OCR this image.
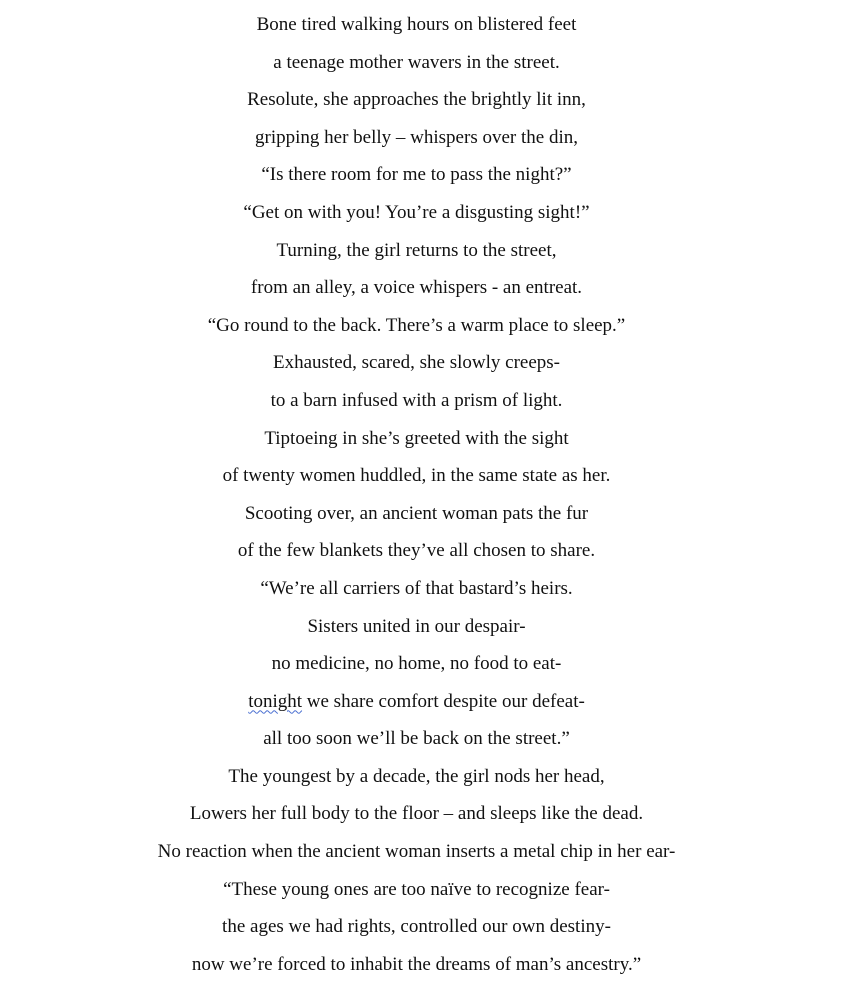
Bone tired walking hours on blistered feet
a teenage mother wavers in the street.
Resolute, she approaches the brightly lit inn,
gripping her belly – whispers over the din,
“Is there room for me to pass the night?”
“Get on with you! You’re a disgusting sight!”
Turning, the girl returns to the street,
from an alley, a voice whispers - an entreat.
“Go round to the back. There’s a warm place to sleep.”
Exhausted, scared, she slowly creeps-
to a barn infused with a prism of light.
Tiptoeing in she’s greeted with the sight
of twenty women huddled, in the same state as her.
Scooting over, an ancient woman pats the fur
of the few blankets they’ve all chosen to share.
“We’re all carriers of that bastard’s heirs.
Sisters united in our despair-
no medicine, no home, no food to eat-
tonight we share comfort despite our defeat-
all too soon we’ll be back on the street.”
The youngest by a decade, the girl nods her head,
Lowers her full body to the floor – and sleeps like the dead.
No reaction when the ancient woman inserts a metal chip in her ear-
“These young ones are too naïve to recognize fear-
the ages we had rights, controlled our own destiny-
now we’re forced to inhabit the dreams of man’s ancestry.”
